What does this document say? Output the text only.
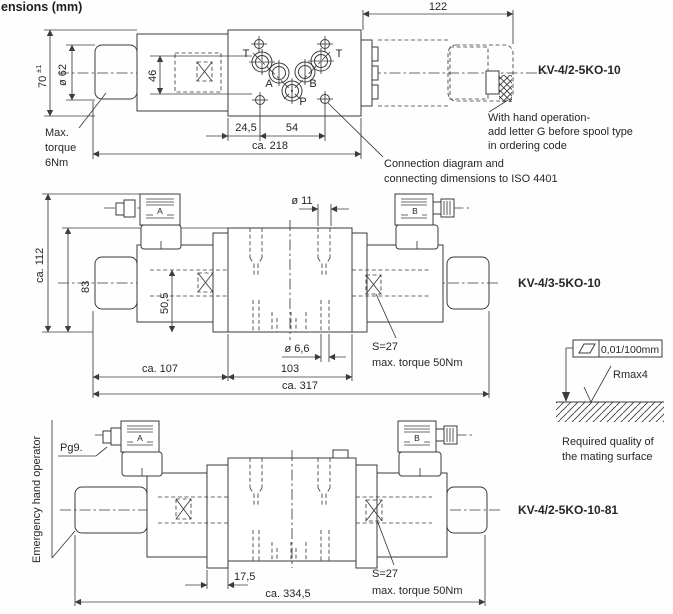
ensions (mm)
T	T
A	B
P
70
±1 ø 62	46
122
24,5	54
ca. 218
Max.
torque
6Nm
KV-4/2-5KO-10
With hand operation-
add letter G before spool type
in ordering code
Connection diagram and
connecting dimensions to ISO 4401
A	B
ø 11
ca. 112
83
50,5
ø 6,6
103
ca. 107
ca. 317
S=27
max. torque 50Nm
KV-4/3-5KO-10
0,01/100mm
Rmax4
Required quality of
the mating surface
A	B
Pg9.
Emergency hand operator
17,5
ca. 334,5
S=27
max. torque 50Nm
KV-4/2-5KO-10-81
